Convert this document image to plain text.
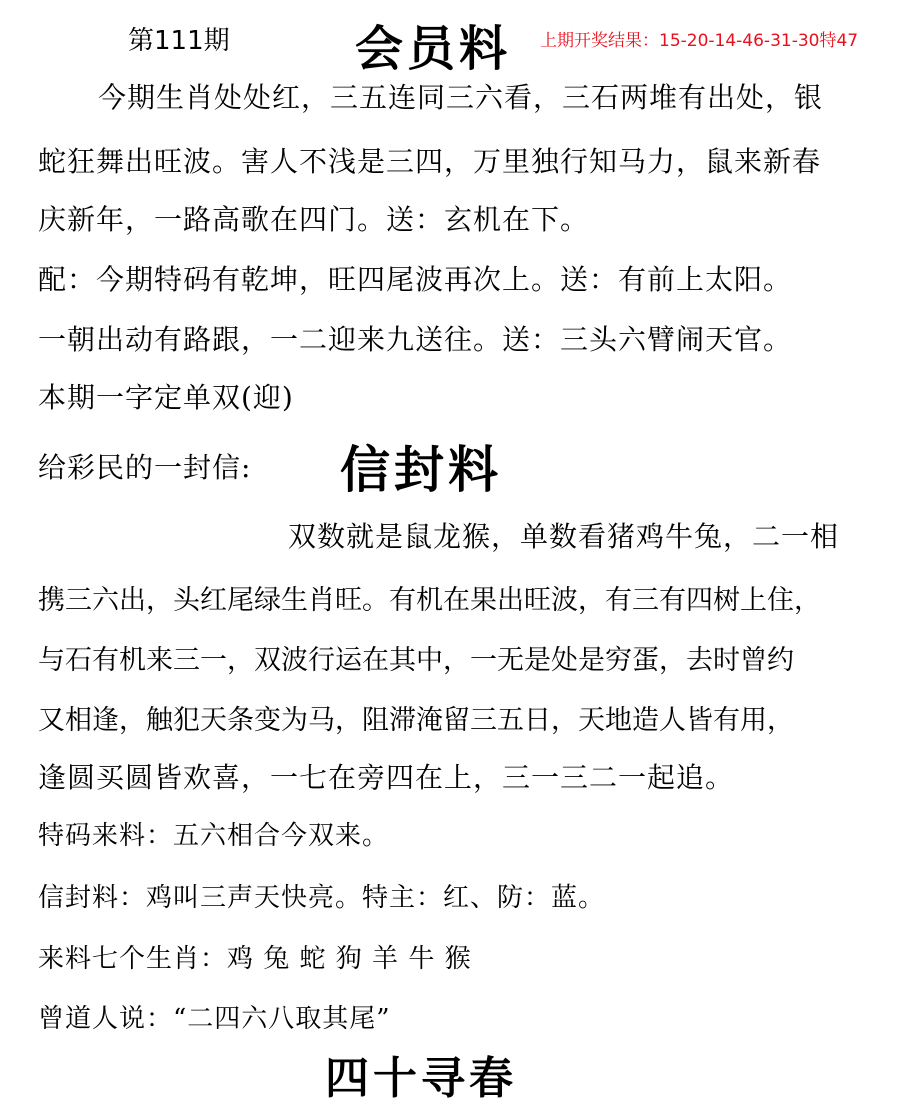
第111期	会员料 上期开奖结果：15-20-14-46-31-30特47
今期生肖处处红，三五连同三六看，三石两堆有出处，银
蛇狂舞出旺波。害人不浅是三四，万里独行知马力，鼠来新春
庆新年，一路高歌在四门。送：玄机在下。
配：今期特码有乾坤，旺四尾波再次上。送：有前上太阳。
一朝出动有路跟，一二迎来九送往。送：三头六臂闹天官。
本期一字定单双(迎)
给彩民的一封信: 信封料
双数就是鼠龙猴，单数看猪鸡牛兔，二一相
携三六出，头红尾绿生肖旺。有机在果出旺波，有三有四树上住，
与石有机来三一，双波行运在其中，一无是处是穷蛋，去时曾约
又相逢，触犯天条变为马，阻滞淹留三五日，天地造人皆有用，
逢圆买圆皆欢喜，一七在旁四在上，三一三二一起追。
特码来料：五六相合今双来。
信封料：鸡叫三声天快亮。特主：红、防：蓝。
来料七个生肖：鸡 兔 蛇 狗 羊 牛 猴
曾道人说：“二四六八取其尾”
四十寻春
